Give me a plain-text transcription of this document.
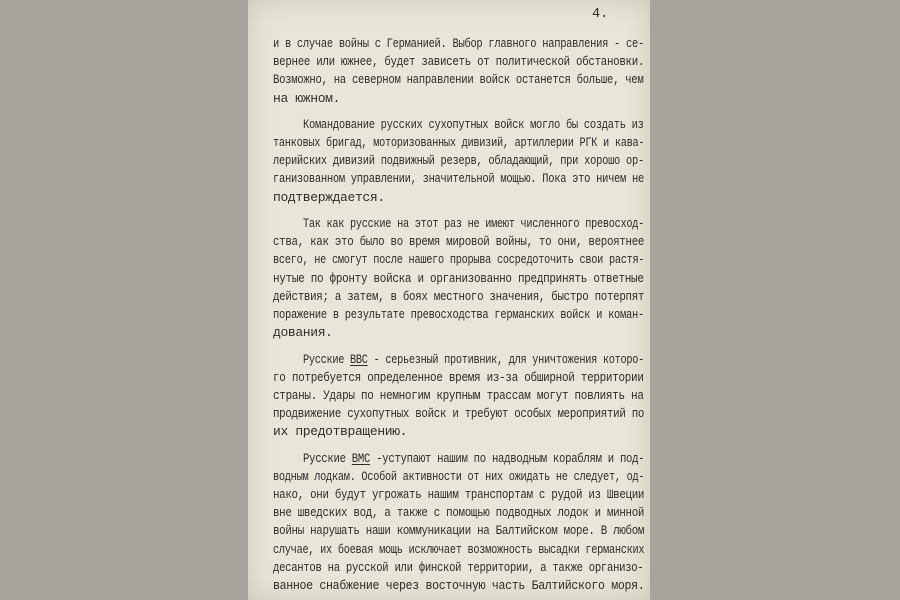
4.
и в случае войны с Германией. Выбор главного направления - се-
вернее или южнее, будет зависеть от политической обстановки.
Возможно, на северном направлении войск останется больше, чем
на южном.
Командование русских сухопутных войск могло бы создать из
танковых бригад, моторизованных дивизий, артиллерии РГК и кава-
лерийских дивизий подвижный резерв, обладающий, при хорошо ор-
ганизованном управлении, значительной мощью. Пока это ничем не
подтверждается.
Так как русские на этот раз не имеют численного превосход-
ства, как это было во время мировой войны, то они, вероятнее
всего, не смогут после нашего прорыва сосредоточить свои растя-
нутые по фронту войска и организованно предпринять ответные
действия; а затем, в боях местного значения, быстро потерпят
поражение в результате превосходства германских войск и коман-
дования.
Русские ВВС - серьезный противник, для уничтожения которо-
го потребуется определенное время из-за обширной территории
страны. Удары по немногим крупным трассам могут повлиять на
продвижение сухопутных войск и требуют особых мероприятий по
их предотвращению.
Русские ВМС -уступают нашим по надводным кораблям и под-
водным лодкам. Особой активности от них ожидать не следует, од-
нако, они будут угрожать нашим транспортам с рудой из Швеции
вне шведских вод, а также с помощью подводных лодок и минной
войны нарушать наши коммуникации на Балтийском море. В любом
случае, их боевая мощь исключает возможность высадки германских
десантов на русской или финской территории, а также организо-
ванное снабжение через восточную часть Балтийского моря.
